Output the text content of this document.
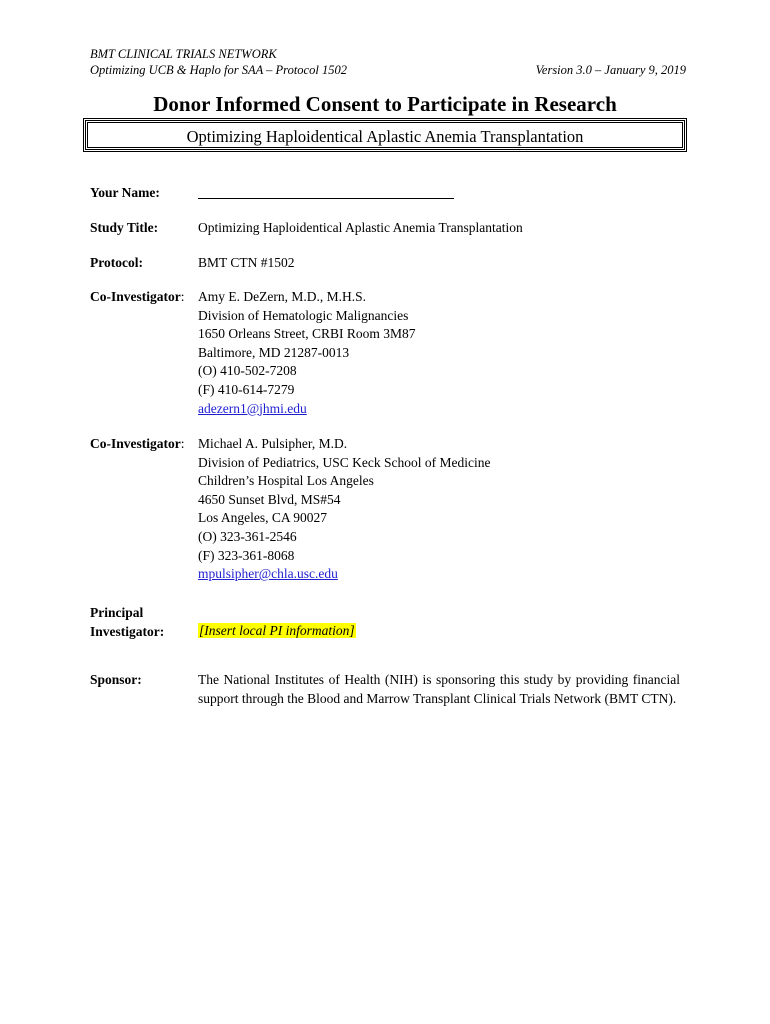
BMT CLINICAL TRIALS NETWORK
Optimizing UCB & Haplo for SAA – Protocol 1502	Version 3.0 – January 9, 2019
Donor Informed Consent to Participate in Research
Optimizing Haploidentical Aplastic Anemia Transplantation
Your Name:
Study Title:	Optimizing Haploidentical Aplastic Anemia Transplantation
Protocol:	BMT CTN #1502
Co-Investigator: Amy E. DeZern, M.D., M.H.S.
Division of Hematologic Malignancies
1650 Orleans Street, CRBI Room 3M87
Baltimore, MD 21287-0013
(O) 410-502-7208
(F) 410-614-7279
adezern1@jhmi.edu
Co-Investigator: Michael A. Pulsipher, M.D.
Division of Pediatrics, USC Keck School of Medicine
Children’s Hospital Los Angeles
4650 Sunset Blvd, MS#54
Los Angeles, CA 90027
(O) 323-361-2546
(F) 323-361-8068
mpulsipher@chla.usc.edu
Principal
Investigator:	[Insert local PI information]
Sponsor:	The National Institutes of Health (NIH) is sponsoring this study by providing financial support through the Blood and Marrow Transplant Clinical Trials Network (BMT CTN).
